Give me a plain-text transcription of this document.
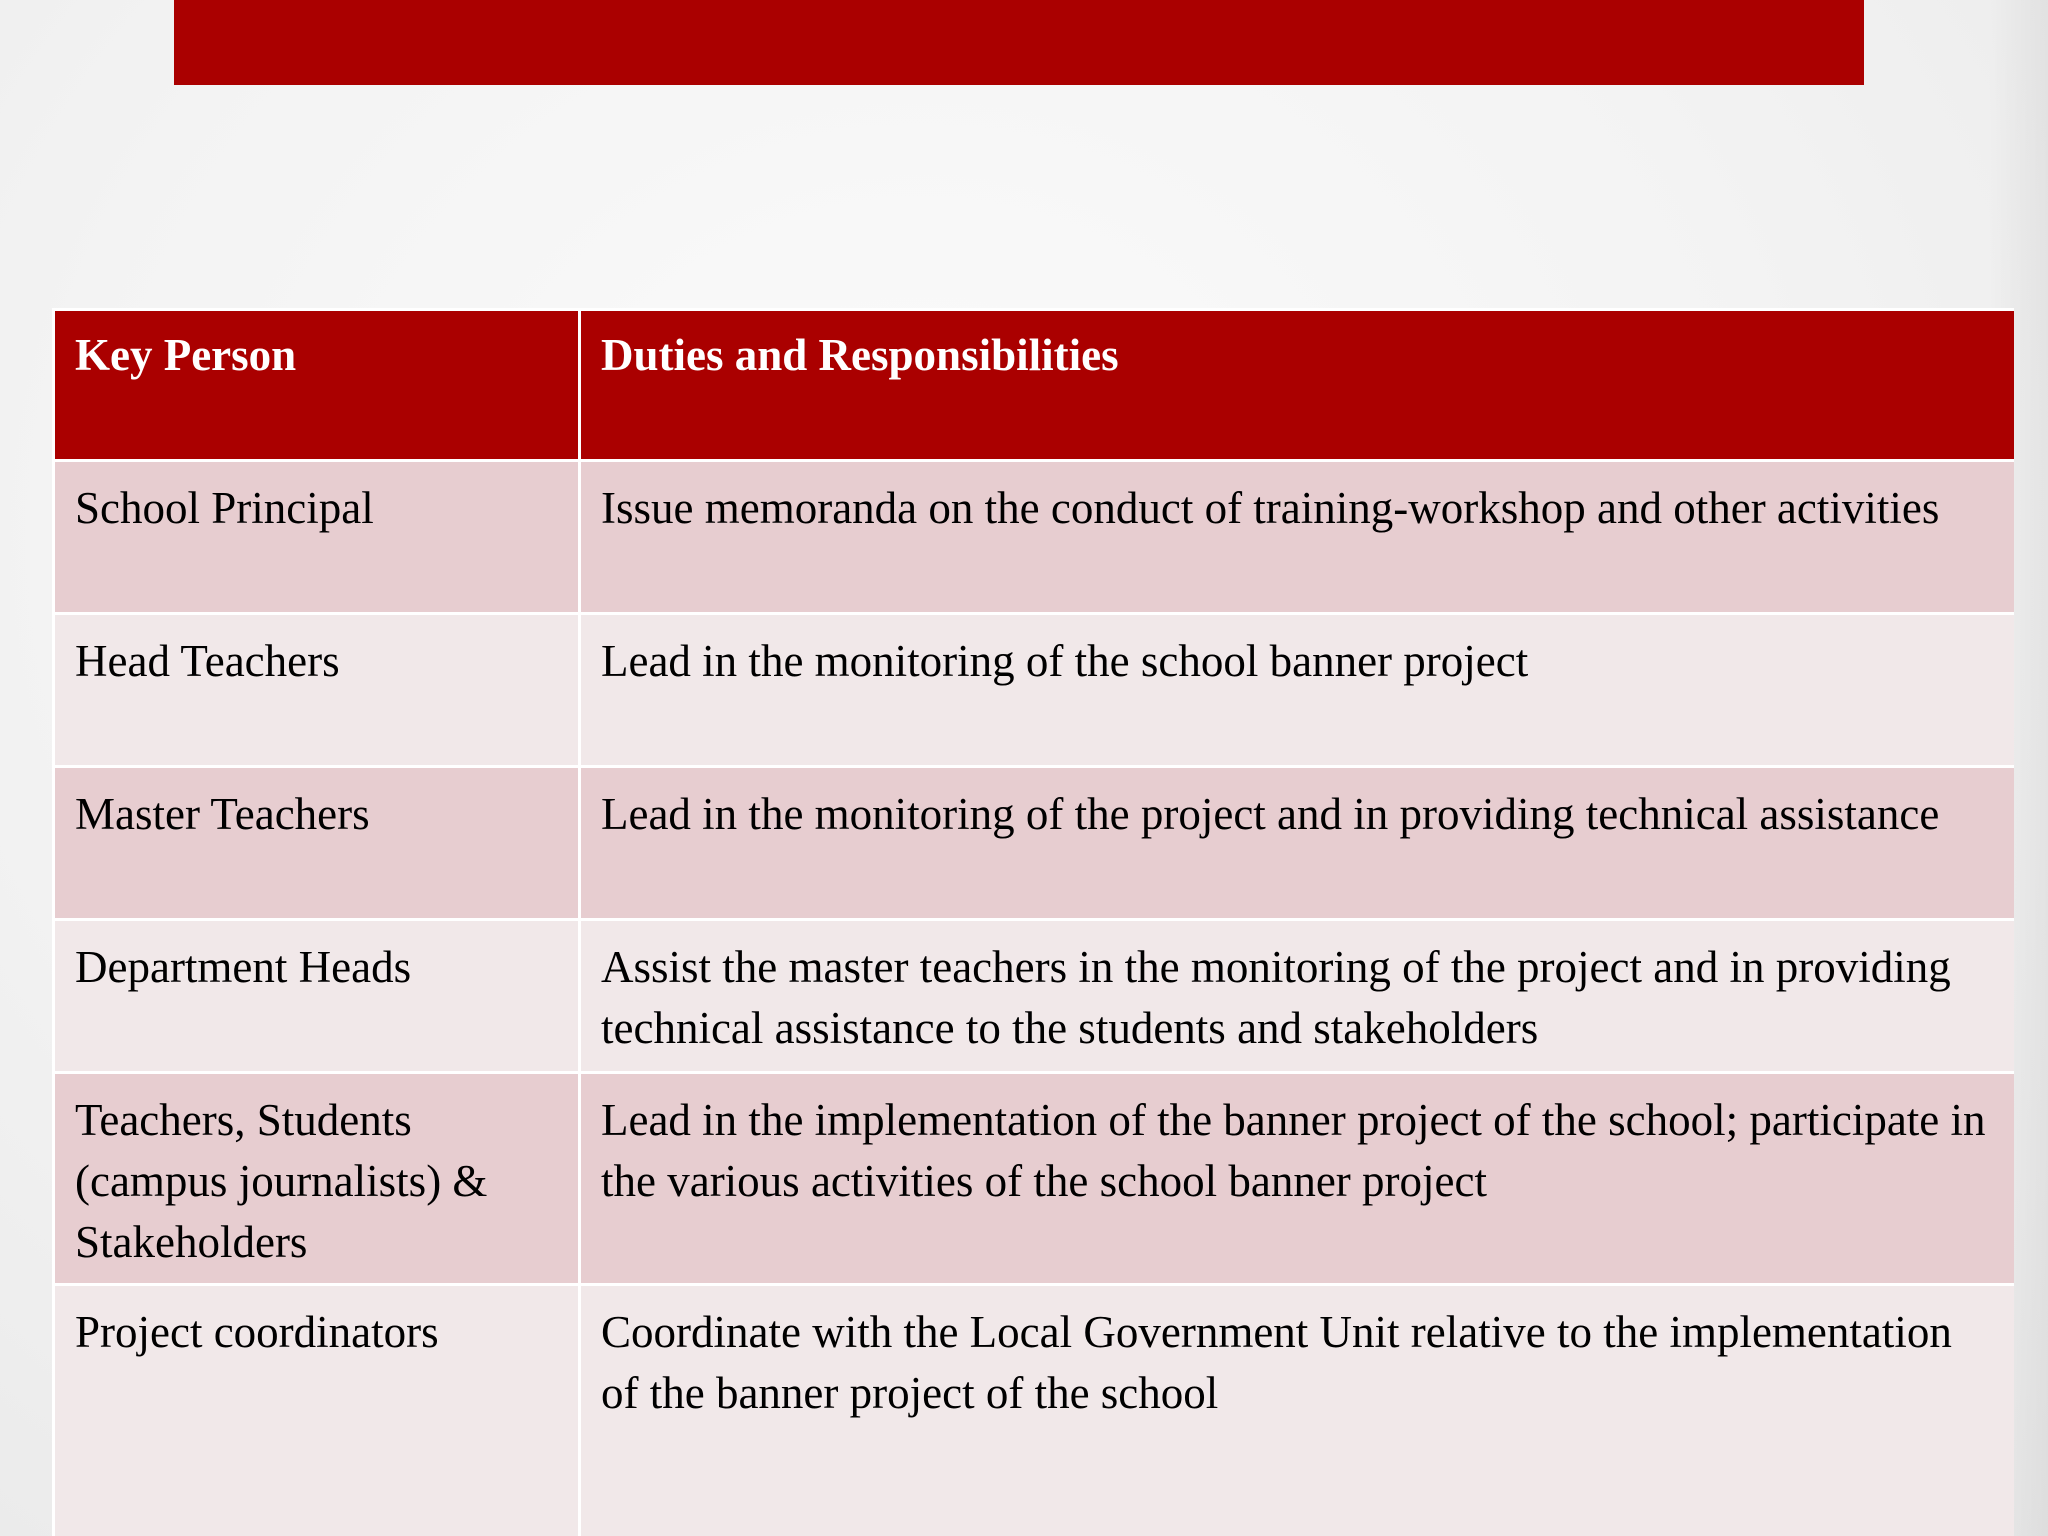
Key Person	Duties and Responsibilities
School Principal	Issue memoranda on the conduct of training-workshop and other activities
Head Teachers	Lead in the monitoring of the school banner project
Master Teachers	Lead in the monitoring of the project and in providing technical assistance
Department Heads	Assist the master teachers in the monitoring of the project and in providing technical assistance to the students and stakeholders
Teachers, Students (campus journalists) & Stakeholders	Lead in the implementation of the banner project of the school; participate in the various activities of the school banner project
Project coordinators	Coordinate with the Local Government Unit relative to the implementation of the banner project of the school
